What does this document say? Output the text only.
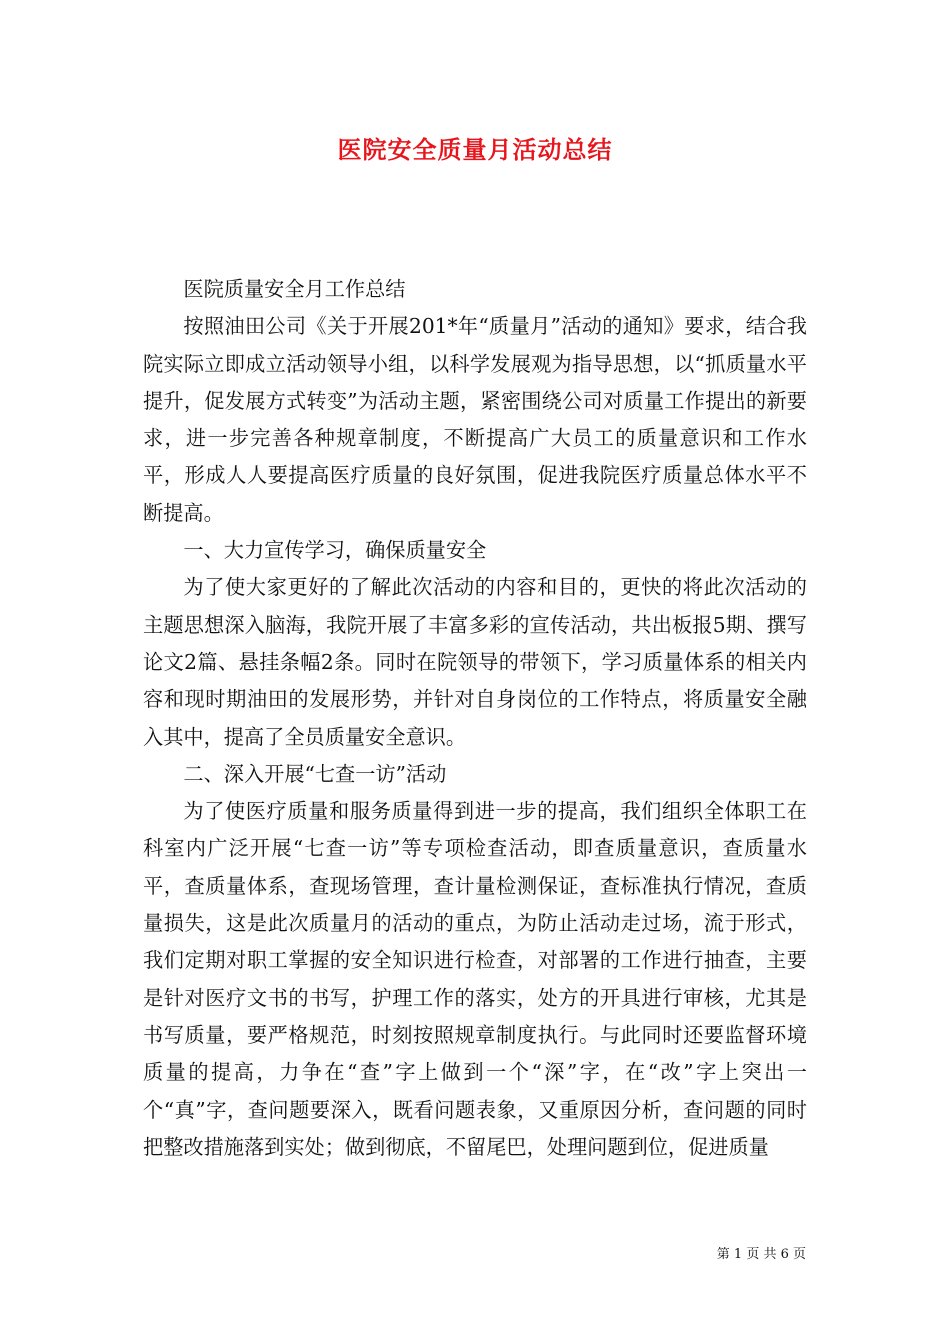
医院安全质量月活动总结

医院质量安全月工作总结

按照油田公司《关于开展201*年“质量月”活动的通知》要求，结合我院实际立即成立活动领导小组，以科学发展观为指导思想，以“抓质量水平提升，促发展方式转变”为活动主题，紧密围绕公司对质量工作提出的新要求，进一步完善各种规章制度，不断提高广大员工的质量意识和工作水平，形成人人要提高医疗质量的良好氛围，促进我院医疗质量总体水平不断提高。

一、大力宣传学习，确保质量安全

为了使大家更好的了解此次活动的内容和目的，更快的将此次活动的主题思想深入脑海，我院开展了丰富多彩的宣传活动，共出板报5期、撰写论文2篇、悬挂条幅2条。同时在院领导的带领下，学习质量体系的相关内容和现时期油田的发展形势，并针对自身岗位的工作特点，将质量安全融入其中，提高了全员质量安全意识。

二、深入开展“七查一访”活动

为了使医疗质量和服务质量得到进一步的提高，我们组织全体职工在科室内广泛开展“七查一访”等专项检查活动，即查质量意识，查质量水平，查质量体系，查现场管理，查计量检测保证，查标准执行情况，查质量损失，这是此次质量月的活动的重点，为防止活动走过场，流于形式，我们定期对职工掌握的安全知识进行检查，对部署的工作进行抽查，主要是针对医疗文书的书写，护理工作的落实，处方的开具进行审核，尤其是书写质量，要严格规范，时刻按照规章制度执行。与此同时还要监督环境质量的提高，力争在“查”字上做到一个“深”字，在“改”字上突出一个“真”字，查问题要深入，既看问题表象，又重原因分析，查问题的同时把整改措施落到实处；做到彻底，不留尾巴，处理问题到位，促进质量

第 1 页 共 6 页
